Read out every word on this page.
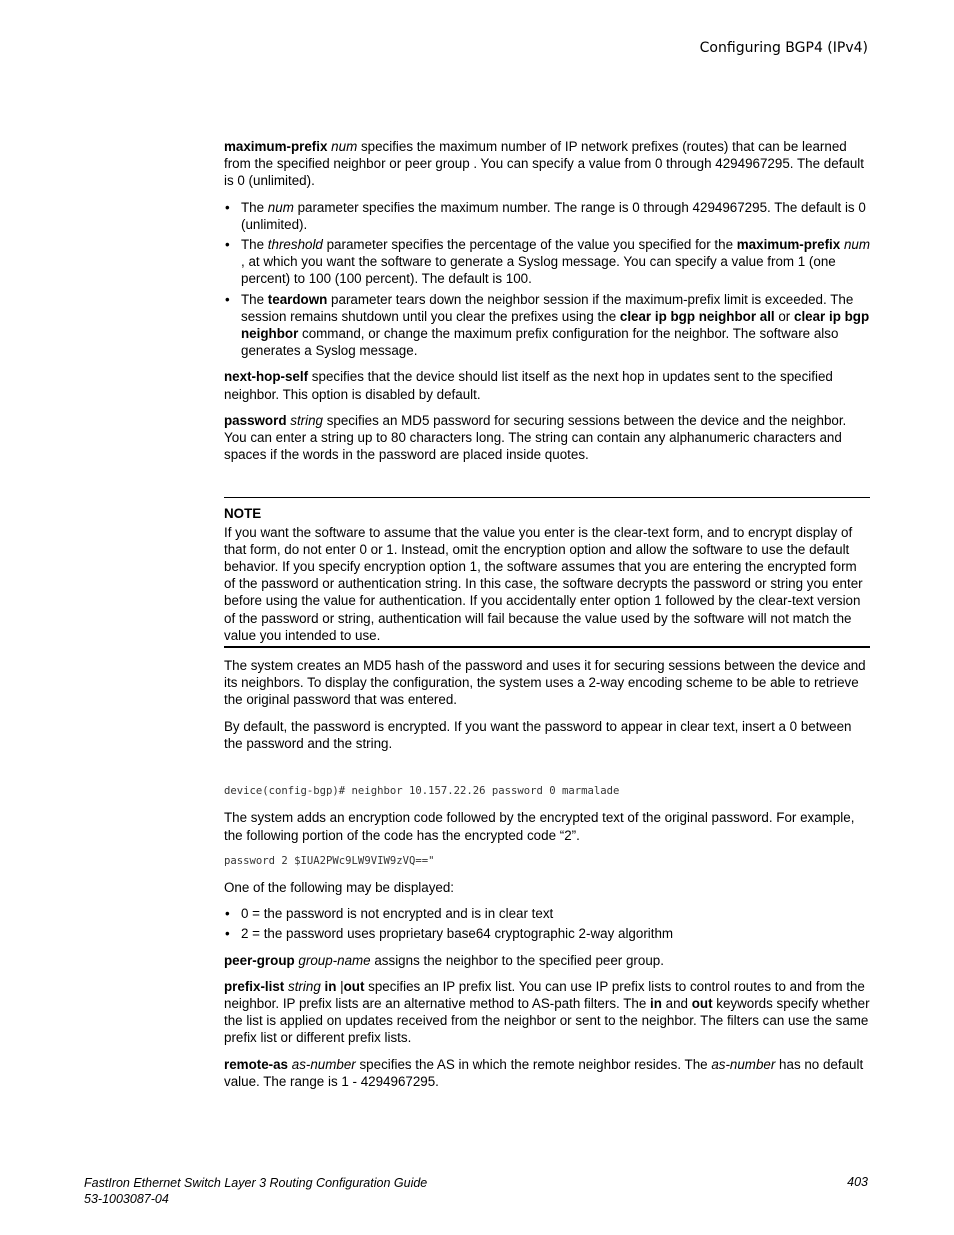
Configuring BGP4 (IPv4)

maximum-prefix num specifies the maximum number of IP network prefixes (routes) that can be learned from the specified neighbor or peer group . You can specify a value from 0 through 4294967295. The default is 0 (unlimited).

• The num parameter specifies the maximum number. The range is 0 through 4294967295. The default is 0 (unlimited).
• The threshold parameter specifies the percentage of the value you specified for the maximum-prefix num , at which you want the software to generate a Syslog message. You can specify a value from 1 (one percent) to 100 (100 percent). The default is 100.
• The teardown parameter tears down the neighbor session if the maximum-prefix limit is exceeded. The session remains shutdown until you clear the prefixes using the clear ip bgp neighbor all or clear ip bgp neighbor command, or change the maximum prefix configuration for the neighbor. The software also generates a Syslog message.

next-hop-self specifies that the device should list itself as the next hop in updates sent to the specified neighbor. This option is disabled by default.

password string specifies an MD5 password for securing sessions between the device and the neighbor. You can enter a string up to 80 characters long. The string can contain any alphanumeric characters and spaces if the words in the password are placed inside quotes.

NOTE
If you want the software to assume that the value you enter is the clear-text form, and to encrypt display of that form, do not enter 0 or 1. Instead, omit the encryption option and allow the software to use the default behavior. If you specify encryption option 1, the software assumes that you are entering the encrypted form of the password or authentication string. In this case, the software decrypts the password or string you enter before using the value for authentication. If you accidentally enter option 1 followed by the clear-text version of the password or string, authentication will fail because the value used by the software will not match the value you intended to use.

The system creates an MD5 hash of the password and uses it for securing sessions between the device and its neighbors. To display the configuration, the system uses a 2-way encoding scheme to be able to retrieve the original password that was entered.

By default, the password is encrypted. If you want the password to appear in clear text, insert a 0 between the password and the string.

device(config-bgp)# neighbor 10.157.22.26 password 0 marmalade

The system adds an encryption code followed by the encrypted text of the original password. For example, the following portion of the code has the encrypted code “2”.

password 2 $IUA2PWc9LW9VIW9zVQ=="

One of the following may be displayed:

• 0 = the password is not encrypted and is in clear text
• 2 = the password uses proprietary base64 cryptographic 2-way algorithm

peer-group group-name assigns the neighbor to the specified peer group.

prefix-list string in |out specifies an IP prefix list. You can use IP prefix lists to control routes to and from the neighbor. IP prefix lists are an alternative method to AS-path filters. The in and out keywords specify whether the list is applied on updates received from the neighbor or sent to the neighbor. The filters can use the same prefix list or different prefix lists.

remote-as as-number specifies the AS in which the remote neighbor resides. The as-number has no default value. The range is 1 - 4294967295.

FastIron Ethernet Switch Layer 3 Routing Configuration Guide
53-1003087-04
403
